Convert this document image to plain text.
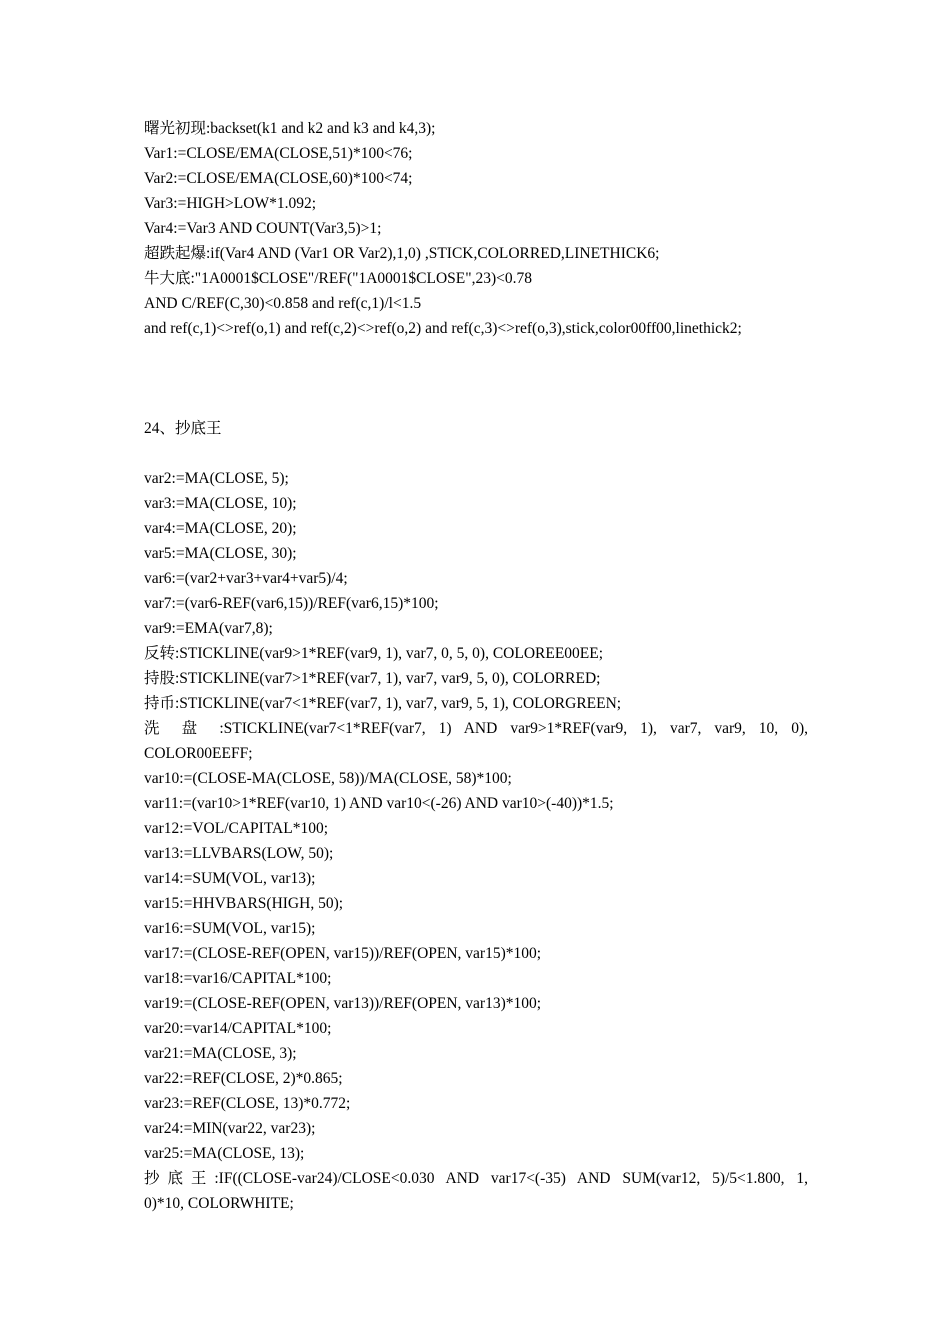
曙光初现:backset(k1 and k2 and k3 and k4,3);
Var1:=CLOSE/EMA(CLOSE,51)*100<76;
Var2:=CLOSE/EMA(CLOSE,60)*100<74;
Var3:=HIGH>LOW*1.092;
Var4:=Var3 AND COUNT(Var3,5)>1;
超跌起爆:if(Var4 AND (Var1 OR Var2),1,0) ,STICK,COLORRED,LINETHICK6;
牛大底:"1A0001$CLOSE"/REF("1A0001$CLOSE",23)<0.78
AND C/REF(C,30)<0.858 and ref(c,1)/l<1.5
and ref(c,1)<>ref(o,1) and ref(c,2)<>ref(o,2) and ref(c,3)<>ref(o,3),stick,color00ff00,linethick2;
24、抄底王
var2:=MA(CLOSE, 5);
var3:=MA(CLOSE, 10);
var4:=MA(CLOSE, 20);
var5:=MA(CLOSE, 30);
var6:=(var2+var3+var4+var5)/4;
var7:=(var6-REF(var6,15))/REF(var6,15)*100;
var9:=EMA(var7,8);
反转:STICKLINE(var9>1*REF(var9, 1), var7, 0, 5, 0), COLOREE00EE;
持股:STICKLINE(var7>1*REF(var7, 1), var7, var9, 5, 0), COLORRED;
持币:STICKLINE(var7<1*REF(var7, 1), var7, var9, 5, 1), COLORGREEN;
洗 盘 :STICKLINE(var7<1*REF(var7, 1) AND var9>1*REF(var9, 1), var7, var9, 10, 0),
COLOR00EEFF;
var10:=(CLOSE-MA(CLOSE, 58))/MA(CLOSE, 58)*100;
var11:=(var10>1*REF(var10, 1) AND var10<(-26) AND var10>(-40))*1.5;
var12:=VOL/CAPITAL*100;
var13:=LLVBARS(LOW, 50);
var14:=SUM(VOL, var13);
var15:=HHVBARS(HIGH, 50);
var16:=SUM(VOL, var15);
var17:=(CLOSE-REF(OPEN, var15))/REF(OPEN, var15)*100;
var18:=var16/CAPITAL*100;
var19:=(CLOSE-REF(OPEN, var13))/REF(OPEN, var13)*100;
var20:=var14/CAPITAL*100;
var21:=MA(CLOSE, 3);
var22:=REF(CLOSE, 2)*0.865;
var23:=REF(CLOSE, 13)*0.772;
var24:=MIN(var22, var23);
var25:=MA(CLOSE, 13);
抄底王:IF((CLOSE-var24)/CLOSE<0.030 AND var17<(-35) AND SUM(var12, 5)/5<1.800, 1,
0)*10, COLORWHITE;
